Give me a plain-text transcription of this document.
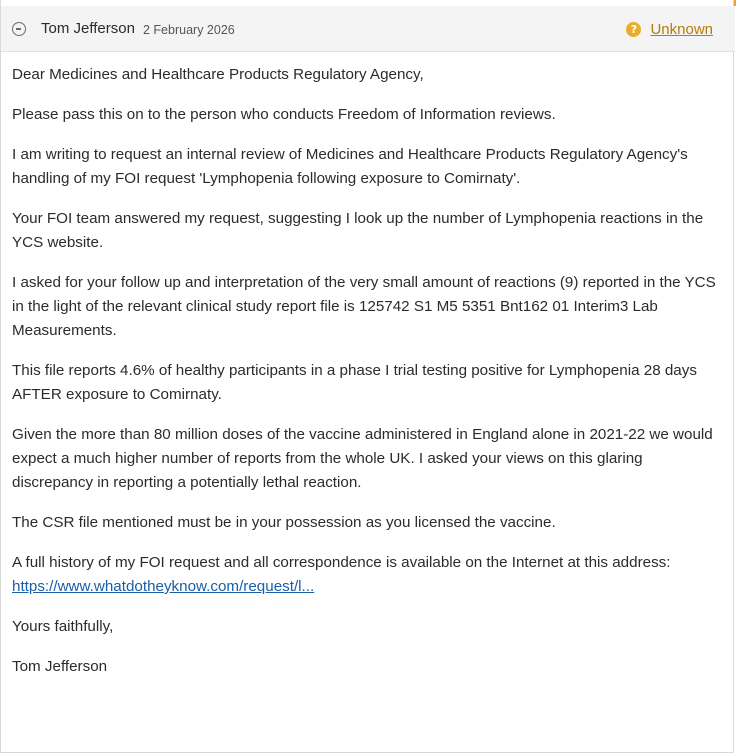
Tom Jefferson 2 February 2026	? Unknown

Dear Medicines and Healthcare Products Regulatory Agency,

Please pass this on to the person who conducts Freedom of Information reviews.

I am writing to request an internal review of Medicines and Healthcare Products Regulatory Agency's handling of my FOI request 'Lymphopenia following exposure to Comirnaty'.

Your FOI team answered my request, suggesting I look up the number of Lymphopenia reactions in the YCS website.

I asked for your follow up and interpretation of the very small amount of reactions (9) reported in the YCS in the light of the relevant clinical study report file is 125742 S1 M5 5351 Bnt162 01 Interim3 Lab Measurements.

This file reports 4.6% of healthy participants in a phase I trial testing positive for Lymphopenia 28 days AFTER exposure to Comirnaty.

Given the more than 80 million doses of the vaccine administered in England alone in 2021-22 we would expect a much higher number of reports from the whole UK. I asked your views on this glaring discrepancy in reporting a potentially lethal reaction.

The CSR file mentioned must be in your possession as you licensed the vaccine.

A full history of my FOI request and all correspondence is available on the Internet at this address:
https://www.whatdotheyknow.com/request/l...

Yours faithfully,

Tom Jefferson
